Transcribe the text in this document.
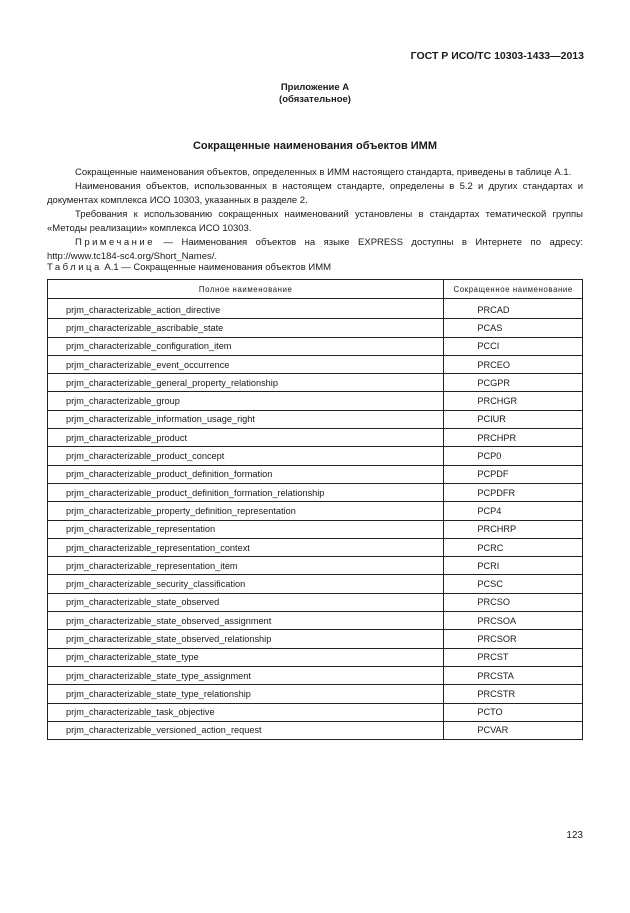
ГОСТ Р ИСО/ТС 10303-1433—2013
Приложение А
(обязательное)
Сокращенные наименования объектов ИММ

Сокращенные наименования объектов, определенных в ИММ настоящего стандарта, приведены в таблице А.1.

Наименования объектов, использованных в настоящем стандарте, определены в 5.2 и других стандартах и документах комплекса ИСО 10303, указанных в разделе 2.

Требования к использованию сокращенных наименований установлены в стандартах тематической группы «Методы реализации» комплекса ИСО 10303.

Примечание — Наименования объектов на языке EXPRESS доступны в Интернете по адресу: http://www.tc184-sc4.org/Short_Names/.

Таблица А.1 — Сокращенные наименования объектов ИММ
Полное наименование	Сокращенное наименование
prjm_characterizable_action_directive	PRCAD
prjm_characterizable_ascribable_state	PCAS
prjm_characterizable_configuration_item	PCCI
prjm_characterizable_event_occurrence	PRCEO
prjm_characterizable_general_property_relationship	PCGPR
prjm_characterizable_group	PRCHGR
prjm_characterizable_information_usage_right	PCIUR
prjm_characterizable_product	PRCHPR
prjm_characterizable_product_concept	PCP0
prjm_characterizable_product_definition_formation	PCPDF
prjm_characterizable_product_definition_formation_relationship	PCPDFR
prjm_characterizable_property_definition_representation	PCP4
prjm_characterizable_representation	PRCHRP
prjm_characterizable_representation_context	PCRC
prjm_characterizable_representation_item	PCRI
prjm_characterizable_security_classification	PCSC
prjm_characterizable_state_observed	PRCSO
prjm_characterizable_state_observed_assignment	PRCSOA
prjm_characterizable_state_observed_relationship	PRCSOR
prjm_characterizable_state_type	PRCST
prjm_characterizable_state_type_assignment	PRCSTA
prjm_characterizable_state_type_relationship	PRCSTR
prjm_characterizable_task_objective	PCTO
prjm_characterizable_versioned_action_request	PCVAR
123
